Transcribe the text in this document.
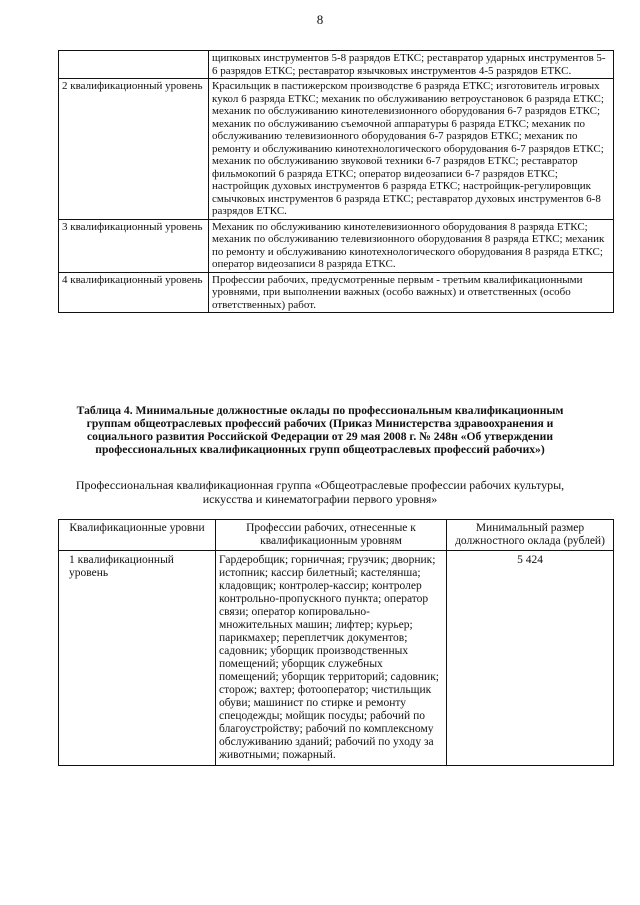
8
	щипковых инструментов 5-8 разрядов ЕТКС; реставратор ударных инструментов 5-6 разрядов ЕТКС; реставратор язычковых инструментов 4-5 разрядов ЕТКС.
2 квалификационный уровень	Красильщик в пастижерском производстве 6 разряда ЕТКС; изготовитель игровых кукол 6 разряда ЕТКС; механик по обслуживанию ветроустановок 6 разряда ЕТКС; механик по обслуживанию кинотелевизионного оборудования 6-7 разрядов ЕТКС; механик по обслуживанию съемочной аппаратуры 6 разряда ЕТКС; механик по обслуживанию телевизионного оборудования 6-7 разрядов ЕТКС; механик по ремонту и обслуживанию кинотехнологического оборудования 6-7 разрядов ЕТКС; механик по обслуживанию звуковой техники 6-7 разрядов ЕТКС; реставратор фильмокопий 6 разряда ЕТКС; оператор видеозаписи 6-7 разрядов ЕТКС; настройщик духовых инструментов 6 разряда ЕТКС; настройщик-регулировщик смычковых инструментов 6 разряда ЕТКС; реставратор духовых инструментов 6-8 разрядов ЕТКС.
3 квалификационный уровень	Механик по обслуживанию кинотелевизионного оборудования 8 разряда ЕТКС; механик по обслуживанию телевизионного оборудования 8 разряда ЕТКС; механик по ремонту и обслуживанию кинотехнологического оборудования 8 разряда ЕТКС; оператор видеозаписи 8 разряда ЕТКС.
4 квалификационный уровень	Профессии рабочих, предусмотренные первым - третьим квалификационными уровнями, при выполнении важных (особо важных) и ответственных (особо ответственных) работ.
Таблица 4. Минимальные должностные оклады по профессиональным квалификационным группам общеотраслевых профессий рабочих (Приказ Министерства здравоохранения и социального развития Российской Федерации от 29 мая 2008 г. № 248н «Об утверждении профессиональных квалификационных групп общеотраслевых профессий рабочих»)
Профессиональная квалификационная группа «Общеотраслевые профессии рабочих культуры, искусства и кинематографии первого уровня»
Квалификационные уровни	Профессии рабочих, отнесенные к квалификационным уровням	Минимальный размер должностного оклада (рублей)
1 квалификационный уровень	Гардеробщик; горничная; грузчик; дворник; истопник; кассир билетный; кастелянша; кладовщик; контролер-кассир; контролер контрольно-пропускного пункта; оператор связи; оператор копировально-множительных машин; лифтер; курьер; парикмахер; переплетчик документов; садовник; уборщик производственных помещений; уборщик служебных помещений; уборщик территорий; садовник; сторож; вахтер; фотооператор; чистильщик обуви; машинист по стирке и ремонту спецодежды; мойщик посуды; рабочий по благоустройству; рабочий по комплексному обслуживанию зданий; рабочий по уходу за животными; пожарный.	5 424
